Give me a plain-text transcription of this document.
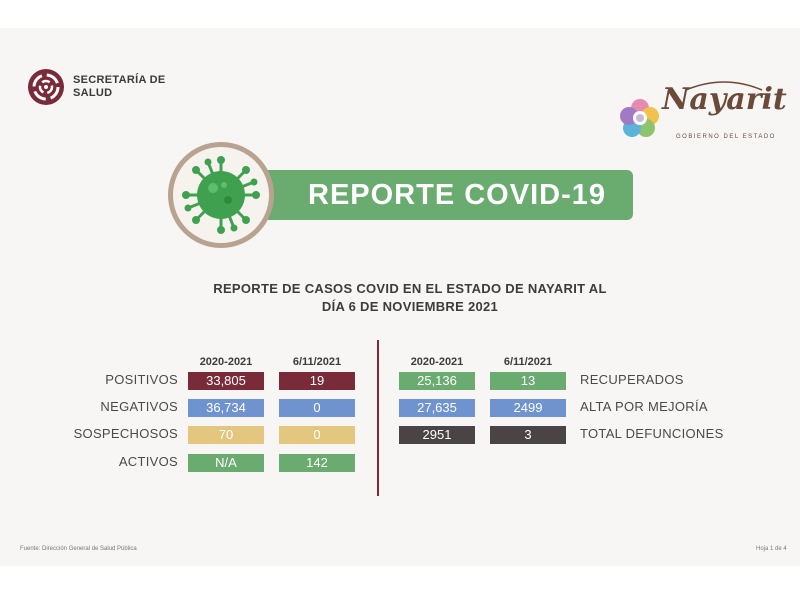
SECRETARÍA DE
SALUD	Nayarit
GOBIERNO DEL ESTADO
REPORTE COVID-19
REPORTE DE CASOS COVID EN EL ESTADO DE NAYARIT AL
DÍA 6 DE NOVIEMBRE 2021
2020-2021	6/11/2021	2020-2021	6/11/2021
POSITIVOS	33,805	19
NEGATIVOS	36,734	0
SOSPECHOSOS	70	0
ACTIVOS	N/A	142
25,136	13	RECUPERADOS
27,635	2499	ALTA POR MEJORÍA
2951	3	TOTAL DEFUNCIONES
Fuente: Dirección General de Salud Pública	Hoja 1 de 4
